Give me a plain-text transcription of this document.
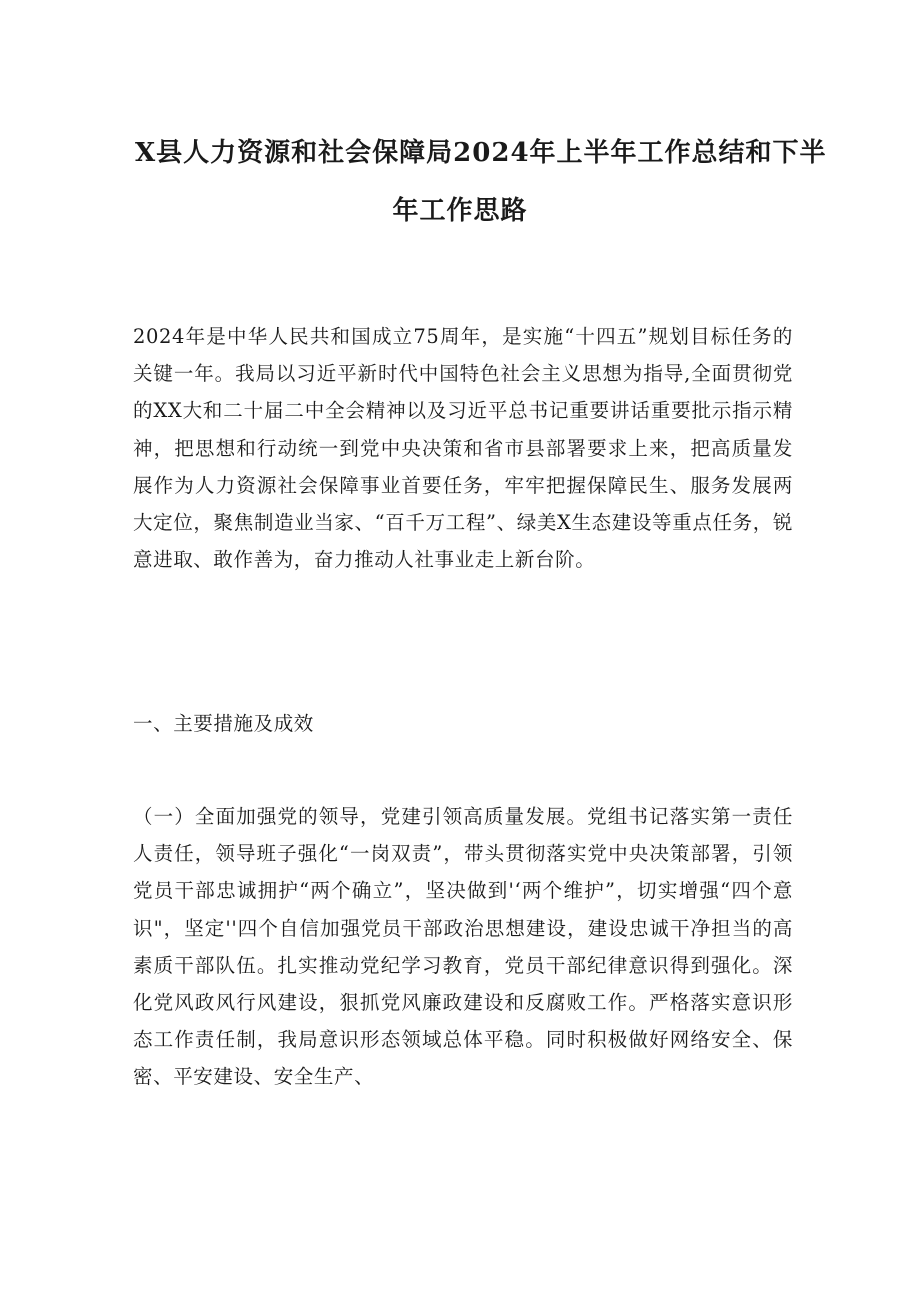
X县人力资源和社会保障局2024年上半年工作总结和下半
年工作思路
2024年是中华人民共和国成立75周年，是实施“十四五”规划目标任务的关键一年。我局以习近平新时代中国特色社会主义思想为指导,全面贯彻党的XX大和二十届二中全会精神以及习近平总书记重要讲话重要批示指示精神，把思想和行动统一到党中央决策和省市县部署要求上来，把高质量发展作为人力资源社会保障事业首要任务，牢牢把握保障民生、服务发展两大定位，聚焦制造业当家、“百千万工程”、绿美X生态建设等重点任务，锐意进取、敢作善为，奋力推动人社事业走上新台阶。
一、主要措施及成效
（一）全面加强党的领导，党建引领高质量发展。党组书记落实第一责任人责任，领导班子强化“一岗双责”，带头贯彻落实党中央决策部署，引领党员干部忠诚拥护“两个确立”，坚决做到'‘两个维护”，切实增强“四个意识"，坚定''四个自信加强党员干部政治思想建设，建设忠诚干净担当的高素质干部队伍。扎实推动党纪学习教育，党员干部纪律意识得到强化。深化党风政风行风建设，狠抓党风廉政建设和反腐败工作。严格落实意识形态工作责任制，我局意识形态领域总体平稳。同时积极做好网络安全、保密、平安建设、安全生产、
